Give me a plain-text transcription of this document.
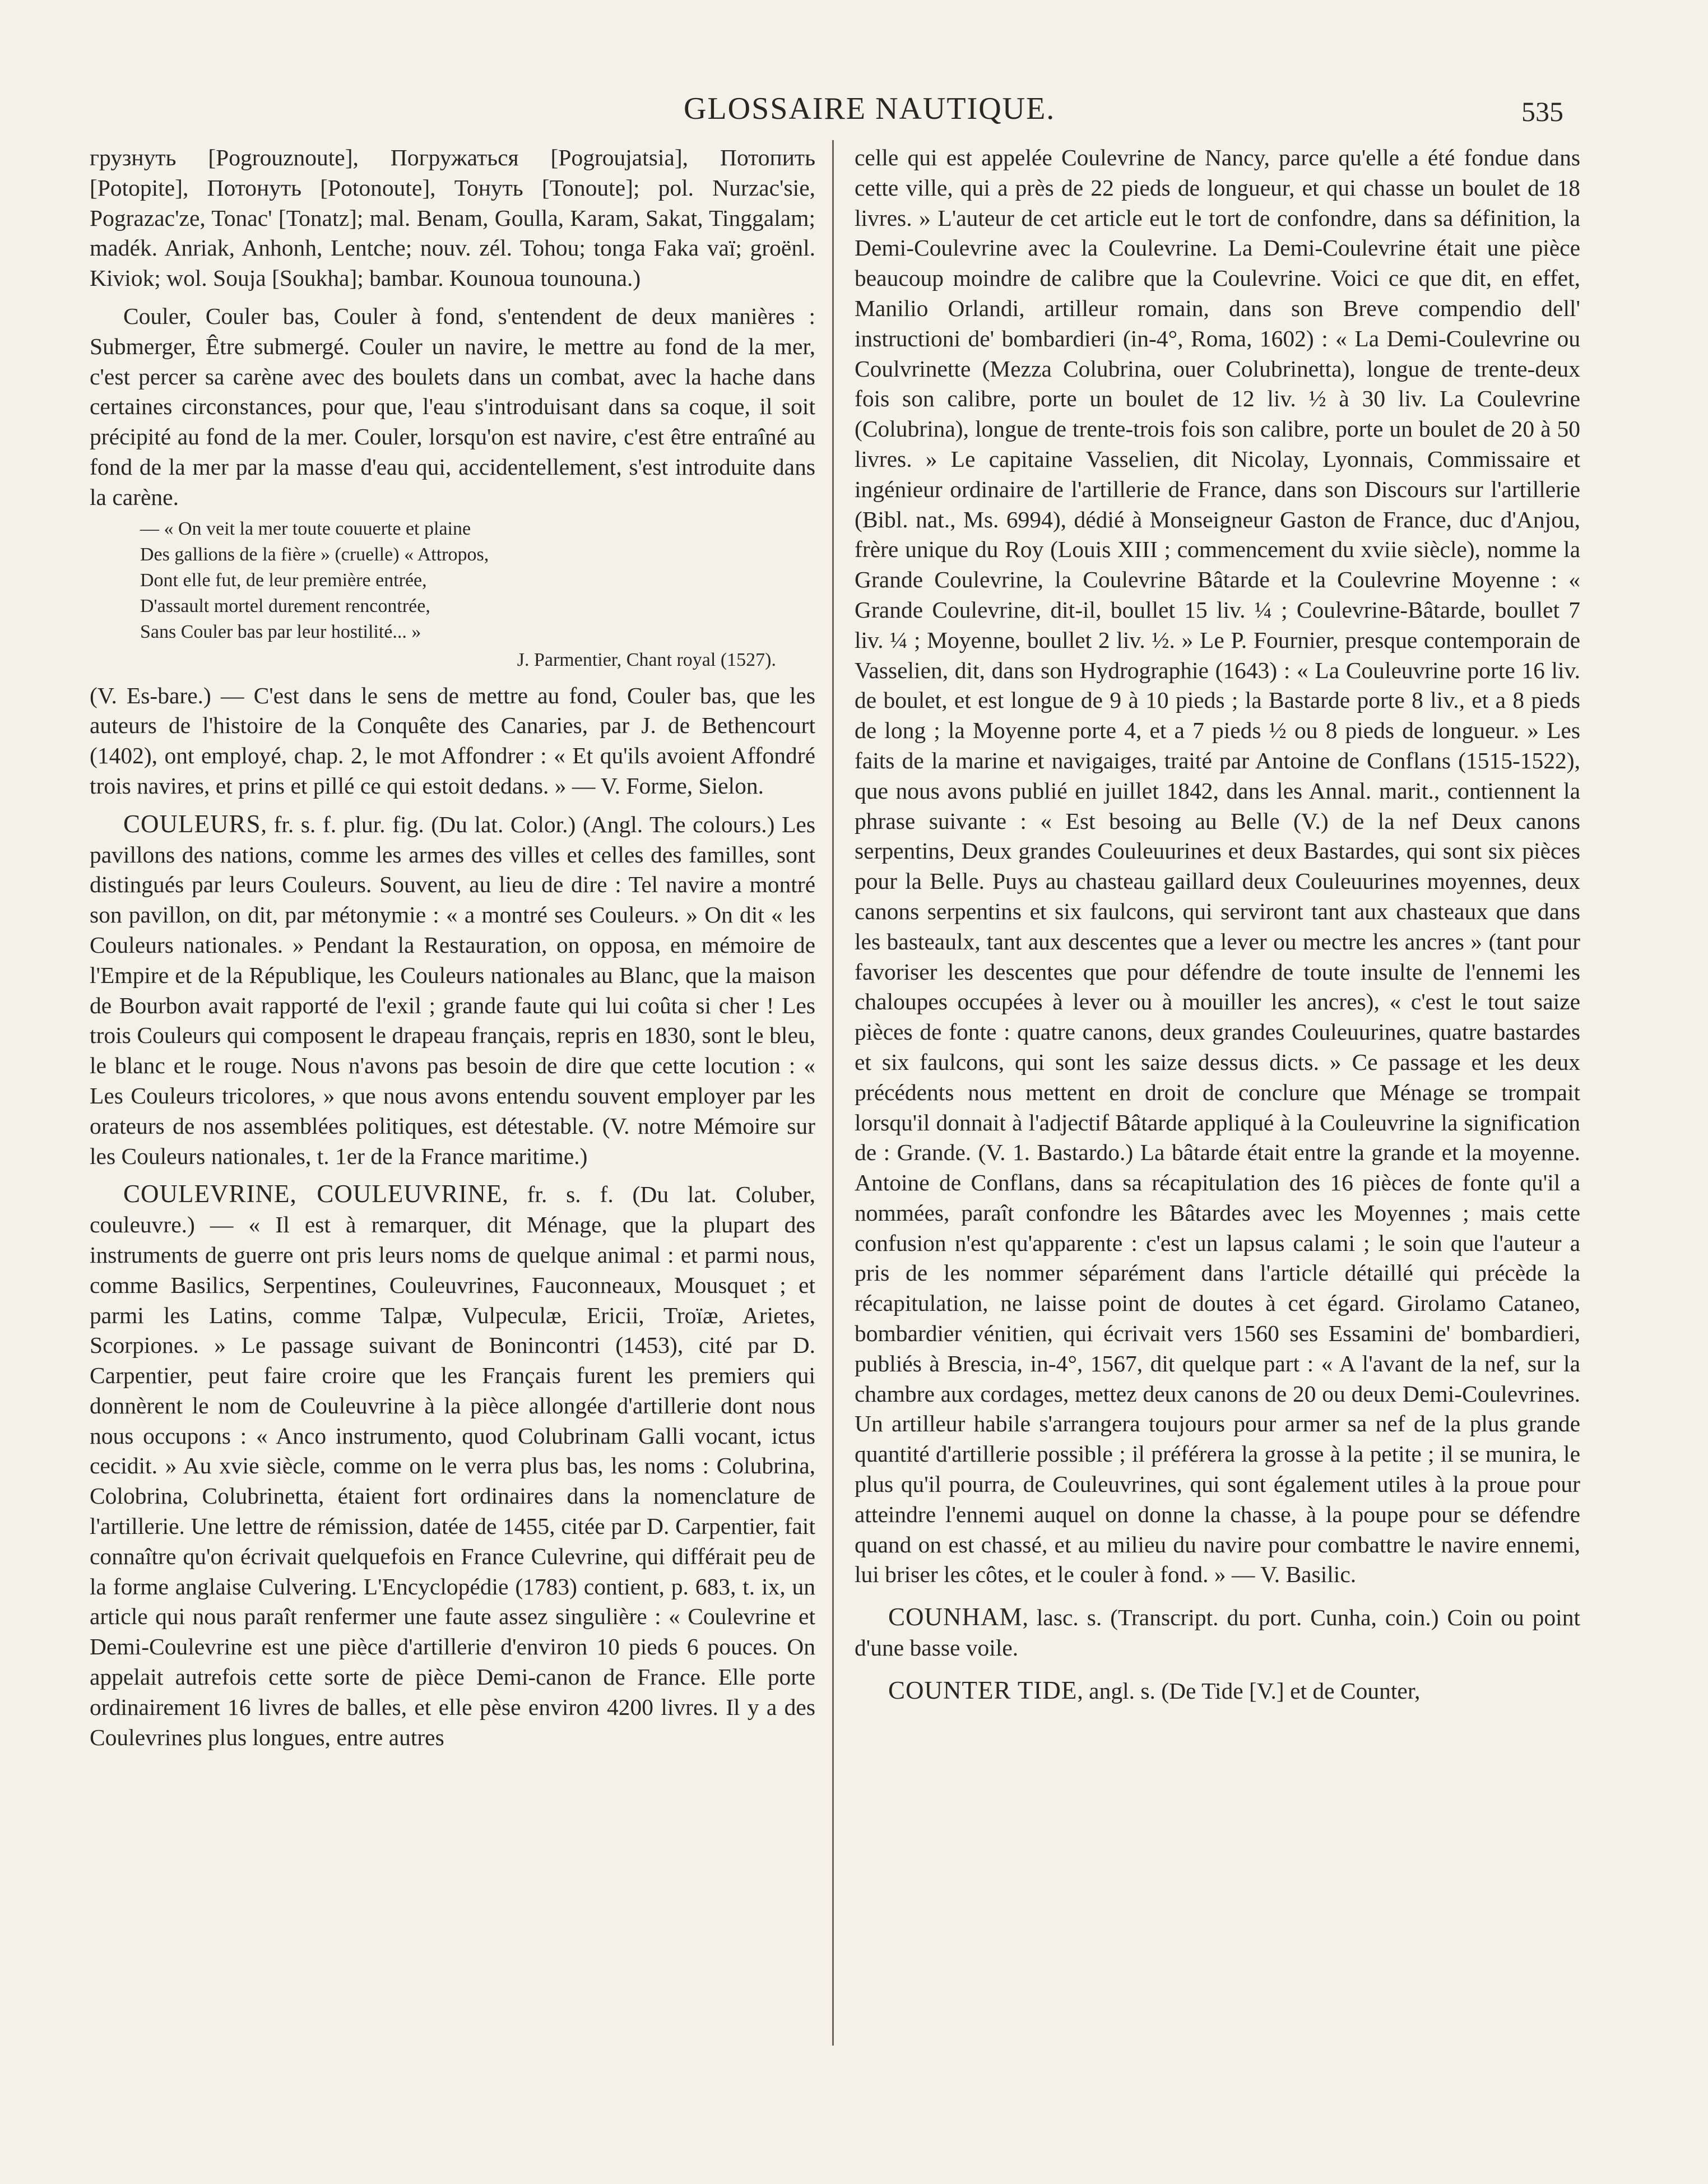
GLOSSAIRE NAUTIQUE.	535

грузнуть [Pogrouznoute], Погружаться [Pogroujatsia], Потопить [Potopite], Потонуть [Potonoute], Тонуть [Tonoute]; pol. Nurzac'sie, Pograzac'ze, Tonac' [Tonatz]; mal. Benam, Goulla, Karam, Sakat, Tinggalam; madék. Anriak, Anhonh, Lentche; nouv. zél. Tohou; tonga Faka vaï; groënl. Kiviok; wol. Souja [Soukha]; bambar. Kounoua tounouna.)

Couler, Couler bas, Couler à fond, s'entendent de deux manières : Submerger, Être submergé. Couler un navire, le mettre au fond de la mer, c'est percer sa carène avec des boulets dans un combat, avec la hache dans certaines circonstances, pour que, l'eau s'introduisant dans sa coque, il soit précipité au fond de la mer. Couler, lorsqu'on est navire, c'est être entraîné au fond de la mer par la masse d'eau qui, accidentellement, s'est introduite dans la carène.

— « On veit la mer toute couuerte et plaine
Des gallions de la fière » (cruelle) « Attropos,
Dont elle fut, de leur première entrée,
D'assault mortel durement rencontrée,
Sans Couler bas par leur hostilité... »
J. Parmentier, Chant royal (1527).

(V. Es-bare.) — C'est dans le sens de mettre au fond, Couler bas, que les auteurs de l'histoire de la Conquête des Canaries, par J. de Bethencourt (1402), ont employé, chap. 2, le mot Affondrer : « Et qu'ils avoient Affondré trois navires, et prins et pillé ce qui estoit dedans. » — V. Forme, Sielon.

COULEURS, fr. s. f. plur. fig. (Du lat. Color.) (Angl. The colours.) Les pavillons des nations, comme les armes des villes et celles des familles, sont distingués par leurs Couleurs. Souvent, au lieu de dire : Tel navire a montré son pavillon, on dit, par métonymie : « a montré ses Couleurs. » On dit « les Couleurs nationales. » Pendant la Restauration, on opposa, en mémoire de l'Empire et de la République, les Couleurs nationales au Blanc, que la maison de Bourbon avait rapporté de l'exil ; grande faute qui lui coûta si cher ! Les trois Couleurs qui composent le drapeau français, repris en 1830, sont le bleu, le blanc et le rouge. Nous n'avons pas besoin de dire que cette locution : « Les Couleurs tricolores, » que nous avons entendu souvent employer par les orateurs de nos assemblées politiques, est détestable. (V. notre Mémoire sur les Couleurs nationales, t. 1er de la France maritime.)

COULEVRINE, COULEUVRINE, fr. s. f. (Du lat. Coluber, couleuvre.) — « Il est à remarquer, dit Ménage, que la plupart des instruments de guerre ont pris leurs noms de quelque animal : et parmi nous, comme Basilics, Serpentines, Couleuvrines, Fauconneaux, Mousquet ; et parmi les Latins, comme Talpæ, Vulpeculæ, Ericii, Troïæ, Arietes, Scorpiones. » Le passage suivant de Bonincontri (1453), cité par D. Carpentier, peut faire croire que les Français furent les premiers qui donnèrent le nom de Couleuvrine à la pièce allongée d'artillerie dont nous nous occupons : « Anco instrumento, quod Colubrinam Galli vocant, ictus cecidit. » Au xvie siècle, comme on le verra plus bas, les noms : Colubrina, Colobrina, Colubrinetta, étaient fort ordinaires dans la nomenclature de l'artillerie. Une lettre de rémission, datée de 1455, citée par D. Carpentier, fait connaître qu'on écrivait quelquefois en France Culevrine, qui différait peu de la forme anglaise Culvering. L'Encyclopédie (1783) contient, p. 683, t. ix, un article qui nous paraît renfermer une faute assez singulière : « Coulevrine et Demi-Coulevrine est une pièce d'artillerie d'environ 10 pieds 6 pouces. On appelait autrefois cette sorte de pièce Demi-canon de France. Elle porte ordinairement 16 livres de balles, et elle pèse environ 4200 livres. Il y a des Coulevrines plus longues, entre autres

celle qui est appelée Coulevrine de Nancy, parce qu'elle a été fondue dans cette ville, qui a près de 22 pieds de longueur, et qui chasse un boulet de 18 livres. » L'auteur de cet article eut le tort de confondre, dans sa définition, la Demi-Coulevrine avec la Coulevrine. La Demi-Coulevrine était une pièce beaucoup moindre de calibre que la Coulevrine. Voici ce que dit, en effet, Manilio Orlandi, artilleur romain, dans son Breve compendio dell' instructioni de' bombardieri (in-4°, Roma, 1602) : « La Demi-Coulevrine ou Coulvrinette (Mezza Colubrina, ouer Colubrinetta), longue de trente-deux fois son calibre, porte un boulet de 12 liv. ½ à 30 liv. La Coulevrine (Colubrina), longue de trente-trois fois son calibre, porte un boulet de 20 à 50 livres. » Le capitaine Vasselien, dit Nicolay, Lyonnais, Commissaire et ingénieur ordinaire de l'artillerie de France, dans son Discours sur l'artillerie (Bibl. nat., Ms. 6994), dédié à Monseigneur Gaston de France, duc d'Anjou, frère unique du Roy (Louis XIII ; commencement du xviie siècle), nomme la Grande Coulevrine, la Coulevrine Bâtarde et la Coulevrine Moyenne : « Grande Coulevrine, dit-il, boullet 15 liv. ¼ ; Coulevrine-Bâtarde, boullet 7 liv. ¼ ; Moyenne, boullet 2 liv. ½. » Le P. Fournier, presque contemporain de Vasselien, dit, dans son Hydrographie (1643) : « La Couleuvrine porte 16 liv. de boulet, et est longue de 9 à 10 pieds ; la Bastarde porte 8 liv., et a 8 pieds de long ; la Moyenne porte 4, et a 7 pieds ½ ou 8 pieds de longueur. » Les faits de la marine et navigaiges, traité par Antoine de Conflans (1515-1522), que nous avons publié en juillet 1842, dans les Annal. marit., contiennent la phrase suivante : « Est besoing au Belle (V.) de la nef Deux canons serpentins, Deux grandes Couleuurines et deux Bastardes, qui sont six pièces pour la Belle. Puys au chasteau gaillard deux Couleuurines moyennes, deux canons serpentins et six faulcons, qui serviront tant aux chasteaux que dans les basteaulx, tant aux descentes que a lever ou mectre les ancres » (tant pour favoriser les descentes que pour défendre de toute insulte de l'ennemi les chaloupes occupées à lever ou à mouiller les ancres), « c'est le tout saize pièces de fonte : quatre canons, deux grandes Couleuurines, quatre bastardes et six faulcons, qui sont les saize dessus dicts. » Ce passage et les deux précédents nous mettent en droit de conclure que Ménage se trompait lorsqu'il donnait à l'adjectif Bâtarde appliqué à la Couleuvrine la signification de : Grande. (V. 1. Bastardo.) La bâtarde était entre la grande et la moyenne. Antoine de Conflans, dans sa récapitulation des 16 pièces de fonte qu'il a nommées, paraît confondre les Bâtardes avec les Moyennes ; mais cette confusion n'est qu'apparente : c'est un lapsus calami ; le soin que l'auteur a pris de les nommer séparément dans l'article détaillé qui précède la récapitulation, ne laisse point de doutes à cet égard. Girolamo Cataneo, bombardier vénitien, qui écrivait vers 1560 ses Essamini de' bombardieri, publiés à Brescia, in-4°, 1567, dit quelque part : « A l'avant de la nef, sur la chambre aux cordages, mettez deux canons de 20 ou deux Demi-Coulevrines. Un artilleur habile s'arrangera toujours pour armer sa nef de la plus grande quantité d'artillerie possible ; il préférera la grosse à la petite ; il se munira, le plus qu'il pourra, de Couleuvrines, qui sont également utiles à la proue pour atteindre l'ennemi auquel on donne la chasse, à la poupe pour se défendre quand on est chassé, et au milieu du navire pour combattre le navire ennemi, lui briser les côtes, et le couler à fond. » — V. Basilic.

COUNHAM, lasc. s. (Transcript. du port. Cunha, coin.) Coin ou point d'une basse voile.

COUNTER TIDE, angl. s. (De Tide [V.] et de Counter,
